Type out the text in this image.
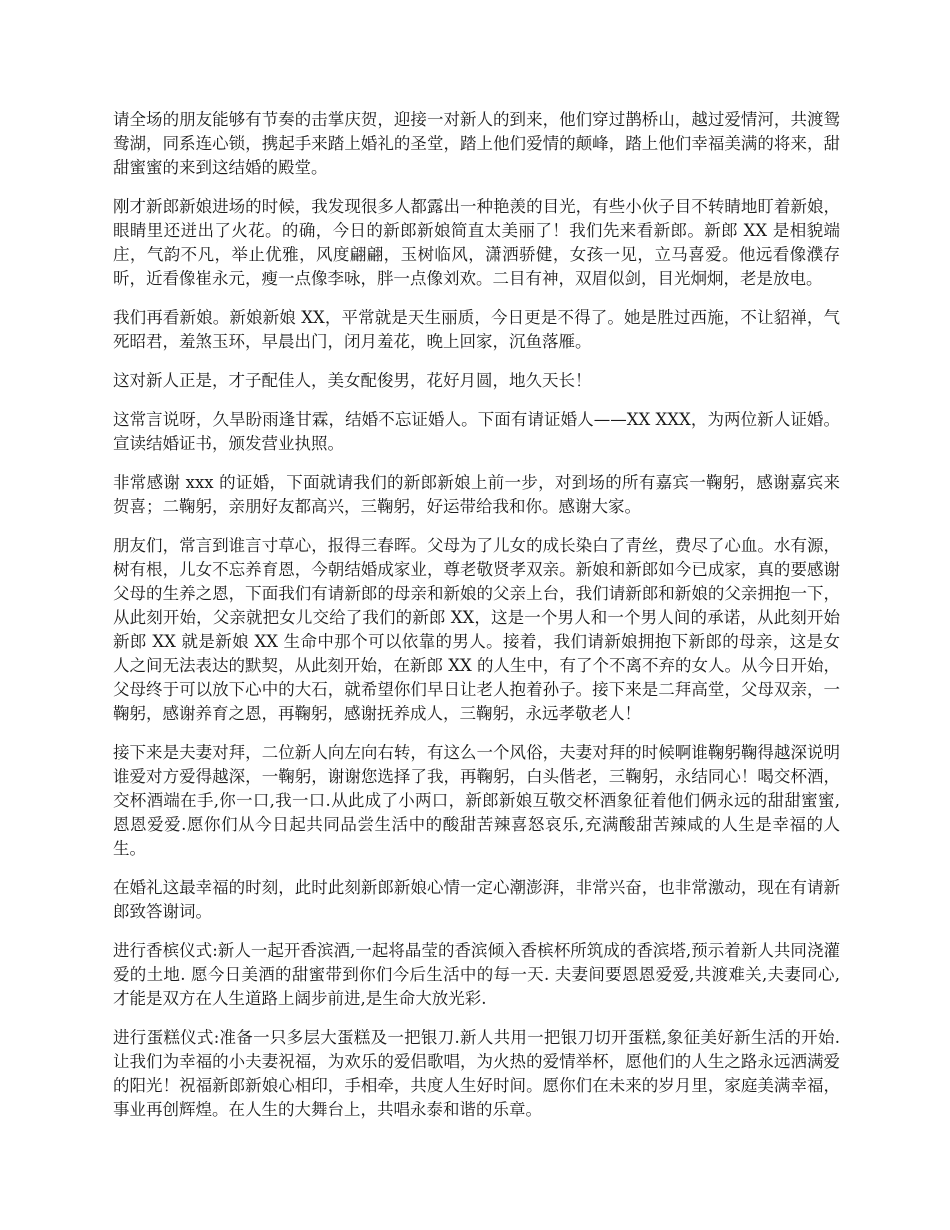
请全场的朋友能够有节奏的击掌庆贺，迎接一对新人的到来，他们穿过鹊桥山，越过爱情河，共渡鸳鸯湖，同系连心锁，携起手来踏上婚礼的圣堂，踏上他们爱情的颠峰，踏上他们幸福美满的将来，甜甜蜜蜜的来到这结婚的殿堂。

刚才新郎新娘进场的时候，我发现很多人都露出一种艳羡的目光，有些小伙子目不转睛地盯着新娘，眼睛里还迸出了火花。的确，今日的新郎新娘简直太美丽了！我们先来看新郎。新郎 XX 是相貌端庄，气韵不凡，举止优雅，风度翩翩，玉树临风，潇洒骄健，女孩一见，立马喜爱。他远看像濮存昕，近看像崔永元，瘦一点像李咏，胖一点像刘欢。二目有神，双眉似剑，目光炯炯，老是放电。

我们再看新娘。新娘新娘 XX，平常就是天生丽质，今日更是不得了。她是胜过西施，不让貂禅，气死昭君，羞煞玉环，早晨出门，闭月羞花，晚上回家，沉鱼落雁。

这对新人正是，才子配佳人，美女配俊男，花好月圆，地久天长！

这常言说呀，久旱盼雨逢甘霖，结婚不忘证婚人。下面有请证婚人——XX XXX，为两位新人证婚。宣读结婚证书，颁发营业执照。

非常感谢 xxx 的证婚，下面就请我们的新郎新娘上前一步，对到场的所有嘉宾一鞠躬，感谢嘉宾来贺喜；二鞠躬，亲朋好友都高兴，三鞠躬，好运带给我和你。感谢大家。

朋友们，常言到谁言寸草心，报得三春晖。父母为了儿女的成长染白了青丝，费尽了心血。水有源，树有根，儿女不忘养育恩，今朝结婚成家业，尊老敬贤孝双亲。新娘和新郎如今已成家，真的要感谢父母的生养之恩，下面我们有请新郎的母亲和新娘的父亲上台，我们请新郎和新娘的父亲拥抱一下，从此刻开始，父亲就把女儿交给了我们的新郎 XX，这是一个男人和一个男人间的承诺，从此刻开始新郎 XX 就是新娘 XX 生命中那个可以依靠的男人。接着，我们请新娘拥抱下新郎的母亲，这是女人之间无法表达的默契，从此刻开始，在新郎 XX 的人生中，有了个不离不弃的女人。从今日开始，父母终于可以放下心中的大石，就希望你们早日让老人抱着孙子。接下来是二拜高堂，父母双亲，一鞠躬，感谢养育之恩，再鞠躬，感谢抚养成人，三鞠躬，永远孝敬老人！

接下来是夫妻对拜，二位新人向左向右转，有这么一个风俗，夫妻对拜的时候啊谁鞠躬鞠得越深说明谁爱对方爱得越深，一鞠躬，谢谢您选择了我，再鞠躬，白头偕老，三鞠躬，永结同心！喝交杯酒，交杯酒端在手,你一口,我一口.从此成了小两口，新郎新娘互敬交杯酒象征着他们俩永远的甜甜蜜蜜,恩恩爱爱.愿你们从今日起共同品尝生活中的酸甜苦辣喜怒哀乐,充满酸甜苦辣咸的人生是幸福的人生。

在婚礼这最幸福的时刻，此时此刻新郎新娘心情一定心潮澎湃，非常兴奋，也非常激动，现在有请新郎致答谢词。

进行香槟仪式:新人一起开香滨酒,一起将晶莹的香滨倾入香槟杯所筑成的香滨塔,预示着新人共同浇灌爱的土地. 愿今日美酒的甜蜜带到你们今后生活中的每一天. 夫妻间要恩恩爱爱,共渡难关,夫妻同心,才能是双方在人生道路上阔步前进,是生命大放光彩.

进行蛋糕仪式:准备一只多层大蛋糕及一把银刀.新人共用一把银刀切开蛋糕,象征美好新生活的开始. 让我们为幸福的小夫妻祝福，为欢乐的爱侣歌唱，为火热的爱情举杯，愿他们的人生之路永远洒满爱的阳光！祝福新郎新娘心相印，手相牵，共度人生好时间。愿你们在未来的岁月里，家庭美满幸福，事业再创辉煌。在人生的大舞台上，共唱永泰和谐的乐章。
